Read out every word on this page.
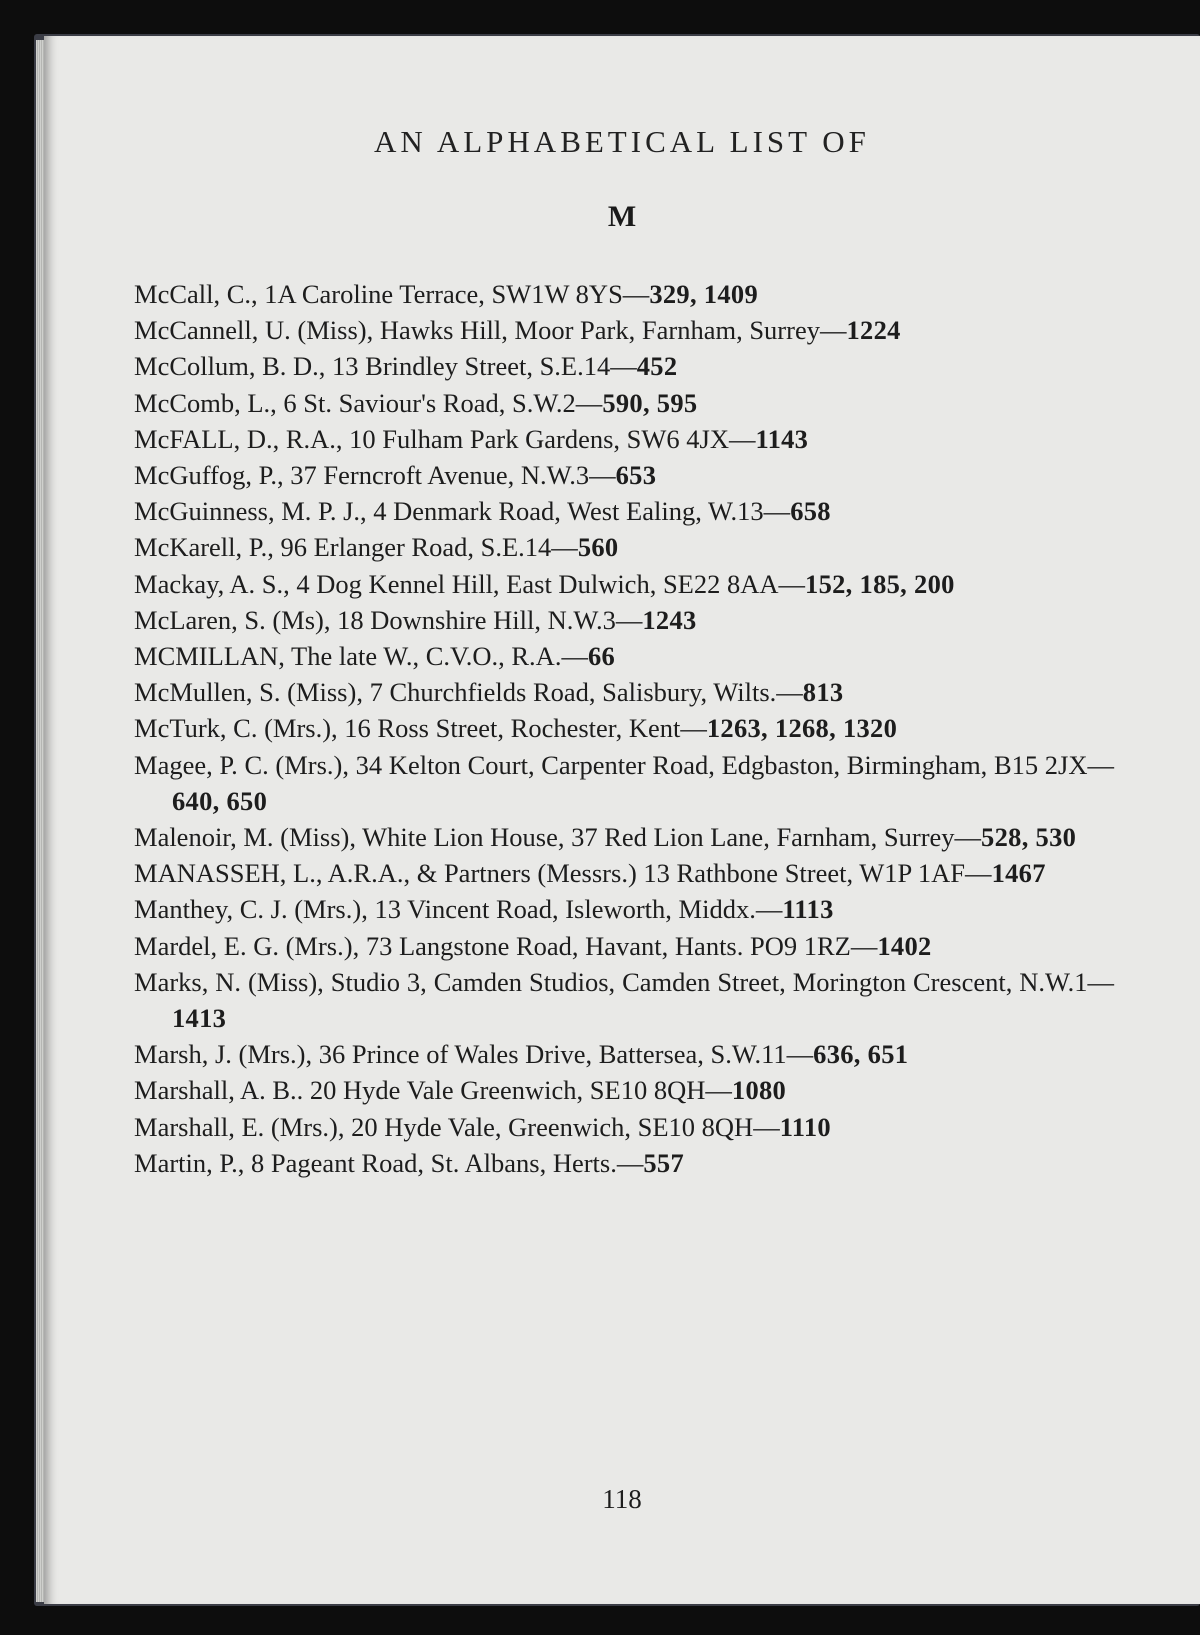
AN ALPHABETICAL LIST OF
M
McCall, C., 1A Caroline Terrace, SW1W 8YS—329, 1409
McCannell, U. (Miss), Hawks Hill, Moor Park, Farnham, Surrey—1224
McCollum, B. D., 13 Brindley Street, S.E.14—452
McComb, L., 6 St. Saviour's Road, S.W.2—590, 595
McFALL, D., R.A., 10 Fulham Park Gardens, SW6 4JX—1143
McGuffog, P., 37 Ferncroft Avenue, N.W.3—653
McGuinness, M. P. J., 4 Denmark Road, West Ealing, W.13—658
McKarell, P., 96 Erlanger Road, S.E.14—560
Mackay, A. S., 4 Dog Kennel Hill, East Dulwich, SE22 8AA—152, 185, 200
McLaren, S. (Ms), 18 Downshire Hill, N.W.3—1243
MCMILLAN, The late W., C.V.O., R.A.—66
McMullen, S. (Miss), 7 Churchfields Road, Salisbury, Wilts.—813
McTurk, C. (Mrs.), 16 Ross Street, Rochester, Kent—1263, 1268, 1320
Magee, P. C. (Mrs.), 34 Kelton Court, Carpenter Road, Edgbaston, Birmingham, B15 2JX—640, 650
Malenoir, M. (Miss), White Lion House, 37 Red Lion Lane, Farnham, Surrey—528, 530
MANASSEH, L., A.R.A., & Partners (Messrs.) 13 Rathbone Street, W1P 1AF—1467
Manthey, C. J. (Mrs.), 13 Vincent Road, Isleworth, Middx.—1113
Mardel, E. G. (Mrs.), 73 Langstone Road, Havant, Hants. PO9 1RZ—1402
Marks, N. (Miss), Studio 3, Camden Studios, Camden Street, Morington Crescent, N.W.1—1413
Marsh, J. (Mrs.), 36 Prince of Wales Drive, Battersea, S.W.11—636, 651
Marshall, A. B.. 20 Hyde Vale Greenwich, SE10 8QH—1080
Marshall, E. (Mrs.), 20 Hyde Vale, Greenwich, SE10 8QH—1110
Martin, P., 8 Pageant Road, St. Albans, Herts.—557
118
